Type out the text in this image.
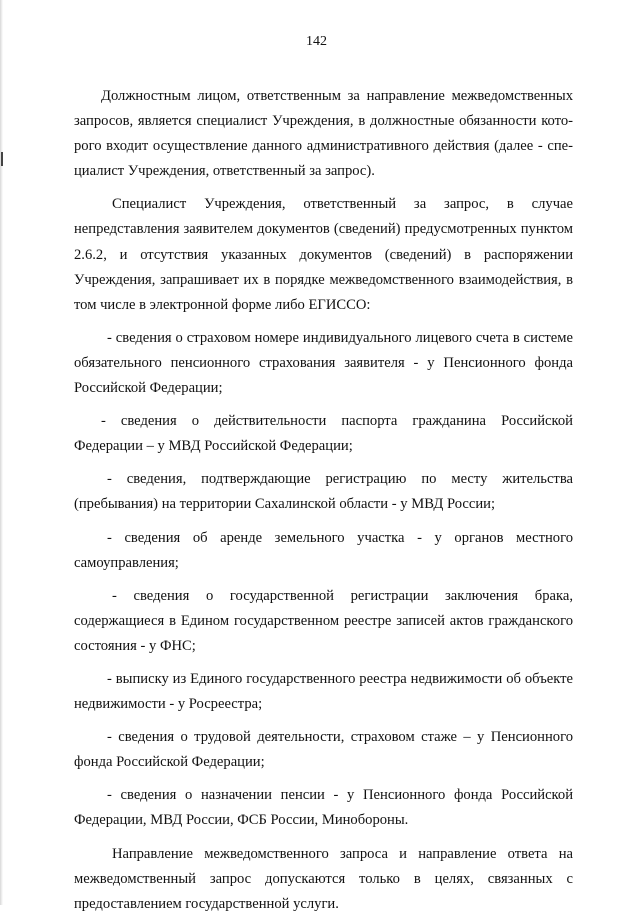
142

Должностным лицом, ответственным за направление межведомственных запросов, является специалист Учреждения, в должностные обязанности кото-рого входит осуществление данного административного действия (далее - спе-циалист Учреждения, ответственный за запрос).

Специалист Учреждения, ответственный за запрос, в случае непредставления заявителем документов (сведений) предусмотренных пунктом 2.6.2, и отсутствия указанных документов (сведений) в распоряжении Учреждения, запрашивает их в порядке межведомственного взаимодействия, в том числе в электронной форме либо ЕГИССО:

- сведения о страховом номере индивидуального лицевого счета в системе обязательного пенсионного страхования заявителя - у Пенсионного фонда Российской Федерации;

- сведения о действительности паспорта гражданина Российской Федерации – у МВД Российской Федерации;

- сведения, подтверждающие регистрацию по месту жительства (пребывания) на территории Сахалинской области - у МВД России;

- сведения об аренде земельного участка - у органов местного самоуправления;

- сведения о государственной регистрации заключения брака, содержащиеся в Едином государственном реестре записей актов гражданского состояния - у ФНС;

- выписку из Единого государственного реестра недвижимости об объекте недвижимости - у Росреестра;

- сведения о трудовой деятельности, страховом стаже – у Пенсионного фонда Российской Федерации;

- сведения о назначении пенсии - у Пенсионного фонда Российской Федерации, МВД России, ФСБ России, Минобороны.

Направление межведомственного запроса и направление ответа на межведомственный запрос допускаются только в целях, связанных с предоставлением государственной услуги.
